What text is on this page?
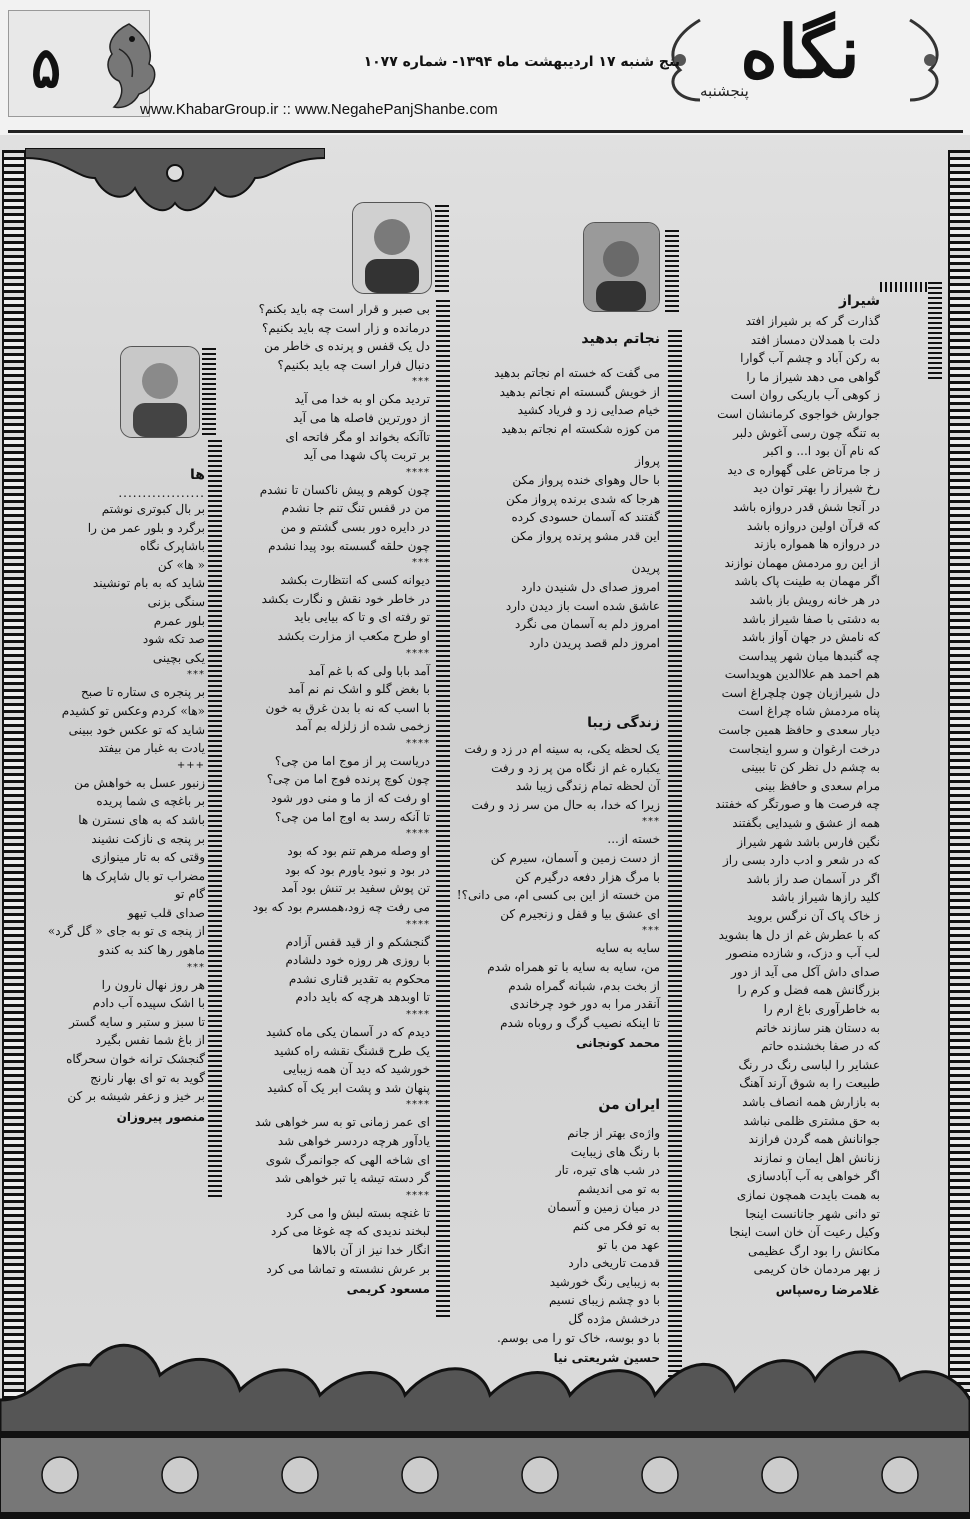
۵	نگاه
پنجشنبه
پنج شنبه ۱۷ اردیبهشت ماه ۱۳۹۴- شماره ۱۰۷۷
www.KhabarGroup.ir :: www.NegahePanjShanbe.com
شیراز
گذارت گر که بر شیراز افتد
دلت با همدلان دمساز افتد
به رکن آباد و چشم آب گوارا
گواهی می دهد شیراز ما را
ز کوهی آب باریکی روان است
جوارش خواجوی کرمانشان است
به تنگه چون رسی آغوش دلبر
که نام آن بود ا... و اکبر
ز جا مرتاض علی گهواره ی دید
رخ شیراز را بهتر توان دید
در آنجا شش قدر دروازه باشد
که قرآن اولین دروازه باشد
در دروازه ها همواره بازند
از این رو مردمش مهمان نوازند
اگر مهمان به طینت پاک باشد
در هر خانه رویش باز باشد
به دشتی با صفا شیراز باشد
که نامش در جهان آواز باشد
چه گنبدها میان شهر پیداست
هم احمد هم علاالدین هویداست
دل شیرازیان چون چلچراغ است
پناه مردمش شاه چراغ است
دیار سعدی و حافظ همین جاست
درخت ارغوان و سرو اینجاست
به چشم دل نظر کن تا ببینی
مرام سعدی و حافظ بینی
چه فرصت ها و صورتگر که خفتند
همه از عشق و شیدایی بگفتند
نگین فارس باشد شهر شیراز
که در شعر و ادب دارد بسی راز
اگر در آسمان صد راز باشد
کلید رازها شیراز باشد
ز خاک پاک آن نرگس بروید
که با عطرش غم از دل ها بشوید
لب آب و دزک، و شازده منصور
صدای داش آکل می آید از دور
بزرگانش همه فضل و کرم را
به خاطرآوری باغ ارم را
به دستان هنر سازند خاتم
که در صفا بخشنده حاتم
عشایر را لباسی رنگ در رنگ
طبیعت را به شوق آرند آهنگ
به بازارش همه انصاف باشد
به حق مشتری ظلمی نباشد
جوانانش همه گردن فرازند
زنانش اهل ایمان و نمازند
اگر خواهی به آب آبادسازی
به همت بایدت همچون نمازی
تو دانی شهر جانانست اینجا
وکیل رعیت آن خان است اینجا
مکانش را بود ارگ عظیمی
ز بهر مردمان خان کریمی
غلامرضا ره‌سپاس
نجاتم بدهید
می گفت که خسته ام نجاتم بدهید
از خویش گسسته ام نجاتم بدهید
خیام صدایی زد و فریاد کشید
من کوزه شکسته ام نجاتم بدهید
پرواز
با حال وهوای خنده پرواز مکن
هرجا که شدی برنده پرواز مکن
گفتند که آسمان حسودی کرده
این قدر مشو پرنده پرواز مکن
پریدن
امروز صدای دل شنیدن دارد
عاشق شده است باز دیدن دارد
امروز دلم به آسمان می نگرد
امروز دلم قصد پریدن دارد
زندگی زیبا
یک لحظه یکی، به سینه ام در زد و رفت
یکباره غم از نگاه من پر زد و رفت
آن لحظه تمام زندگی زیبا شد
زیرا که خدا، به حال من سر زد و رفت
***
خسته از...
از دست زمین و آسمان، سیرم کن
با مرگ هزار دفعه درگیرم کن
من خسته از این بی کسی ام، می دانی؟!
ای عشق بیا و قفل و زنجیرم کن
***
سایه به سایه
من، سایه به سایه با تو همراه شدم
از بخت بدم، شبانه گمراه شدم
آنقدر مرا به دور خود چرخاندی
تا اینکه نصیب گرگ و روباه شدم
محمد کونجانی
ایران من
واژه‌ی بهتر از جانم
با رنگ های زیبایت
در شب های تیره، تار
به تو می اندیشم
در میان زمین و آسمان
به تو فکر می کنم
عهد من با تو
قدمت تاریخی دارد
به زیبایی رنگ خورشید
با دو چشم زیبای نسیم
درخشش مژده گل
با دو بوسه، خاک تو را می بوسم.
حسین شریعتی نیا
بی صبر و قرار است چه باید بکنم؟
درمانده و زار است چه باید بکنیم؟
دل یک قفس و پرنده ی خاطر من
دنبال فرار است چه باید بکنیم؟
***
تردید مکن او به خدا می آید
از دورترین فاصله ها می آید
تاآنکه بخواند او مگر فاتحه ای
بر تربت پاک شهدا می آید
****
چون کوهم و پیش ناکسان تا نشدم
من در قفس تنگ تنم جا نشدم
در دایره دور بسی گشتم و من
چون حلقه گسسته بود پیدا نشدم
***
دیوانه کسی که انتظارت بکشد
در خاطر خود نقش و نگارت بکشد
تو رفته ای و تا که بیایی باید
او طرح مکعب از مزارت بکشد
****
آمد بابا ولی که با غم آمد
با بغض گلو و اشک نم نم آمد
با اسب که نه با بدن غرق به خون
زخمی شده از زلزله بم آمد
****
دریاست پر از موج اما من چی؟
چون کوچ پرنده فوج اما من چی؟
او رفت که از ما و منی دور شود
تا آنکه رسد به اوج اما من چی؟
****
او وصله مرهم تنم بود که بود
در بود و نبود یاورم بود که بود
تن پوش سفید بر تنش بود آمد
می رفت چه زود،همسرم بود که بود
****
گنجشکم و از قید قفس آزادم
با روزی هر روزه خود دلشادم
محکوم به تقدیر قناری نشدم
تا اوبدهد هرچه که باید دادم
****
دیدم که در آسمان یکی ماه کشید
یک طرح قشنگ نقشه راه کشید
خورشید که دید آن همه زیبایی
پنهان شد و پشت ابر یک آه کشید
****
ای عمر زمانی تو به سر خواهی شد
یادآور هرچه دردسر خواهی شد
ای شاخه الهی که جوانمرگ شوی
گر دسته تیشه یا تبر خواهی شد
****
تا غنچه بسته لبش وا می کرد
لبخند ندیدی که چه غوغا می کرد
انگار خدا نیز از آن بالاها
بر عرش نشسته و تماشا می کرد
مسعود کریمی
ها
..................
بر بال کبوتری نوشتم
برگرد و بلور عمر من را
باشاپرک نگاه
« ها» کن
شاید که به بام تونشیند
سنگی بزنی
بلور عمرم
صد تکه شود
یکی بچینی
***
بر پنجره ی ستاره تا صبح
«ها» کردم وعکس تو کشیدم
شاید که تو عکس خود ببینی
یادت به غبار من بیفتد
+++
زنبور عسل به خواهش من
بر باغچه ی شما پریده
باشد که به های نسترن ها
بر پنجه ی نازکت نشیند
وقتی که به تار مینوازی
مضراب تو بال شاپرک ها
گام تو
صدای قلب تیهو
از پنجه ی تو به جای « گل گرد»
ماهور رها کند به کندو
***
هر روز نهال نارون را
با اشک سپیده آب دادم
تا سبز و ستبر و سایه گستر
از باغ شما نفس بگیرد
گنجشک ترانه خوان سحرگاه
گوید به تو ای بهار نارنج
بر خیز و زعفر شیشه بر کن
منصور پیروزان
